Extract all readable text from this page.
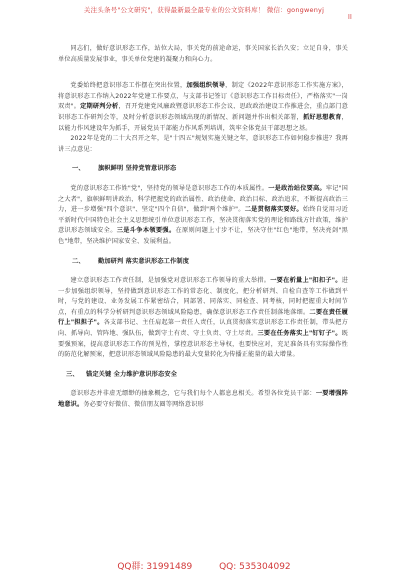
关注头条号"公文研究"，获得最新最全最专业的公文资料库！ 微信：gongwenyj
ll

同志们，做好意识形态工作，站位大局，事关党的前途命运，事关国家长治久安；立足自身，事关单位高质量发展事业，事关单位党建的凝聚力和向心力。

党委始终把意识形态工作摆在突出位置，加强组织领导，制定《2022年意识形态工作实施方案》，将意识形态工作纳入2022年党建工作要点，与支部书记签订《意识形态工作目标责任》，严格落实"一岗双责"。定期研判分析，召开党建党风廉政暨意识形态工作会议、思政政治建设工作推进会，重点部门意识形态工作研判会等，及时分析意识形态领域出现的新情况、新问题并作出相关部署，抓好思想教育，以能力作风建设年为抓手，开展党员干部能力作风系列培训，筑牢全体党员干部思想之基。

2022年是党的二十大召开之年，是"十四五"规划实施关键之年，意识形态工作如何稳步推进？我再讲三点意见：

一、 旗帜鲜明 坚持党管意识形态

党的意识形态工作姓"党"，坚持党的领导是意识形态工作的本质属性。一是政治站位要高。牢记"国之大者"，旗帜鲜明讲政治，科学把握党的政治属性、政治使命、政治目标、政治追求，不断提高政治三力，进一步增强"四个意识"、坚定"四个自信"，做到"两个维护"。二是贯彻落实要好。始终自觉用习近平新时代中国特色社会主义思想统引单位意识形态工作，坚决贯彻落实党的理论和路线方针政策，维护意识形态领域安全。三是斗争本领要强。在原则问题上寸步不让，坚决守住"红色"地带，坚决亮剑"黑色"地带，坚决维护国家安全、发展利益。

二、 勤加研判 落实意识形态工作制度

建立意识形态工作责任制，是加强党对意识形态工作领导的重大举措。一要在析量上"扣扣子"。进一步加强组织领导，坚持做到意识形态工作的常态化、制度化，把分析研判、自检自查等工作做到平时，与党的建设、业务发展工作紧密结合，同部署、同落实、同检查、同考核，同时把握重大时间节点，有重点的科学分析研判意识形态领域风险隐患，确保意识形态工作责任制落地落细。二要在责任履行上"担担子"。各支部书记、主任肩起第一责任人责任，认真贯彻落实意识形态工作责任制，带头把方向、抓导向、管阵地、强队伍，做到守土有责、守土负责、守土尽责。三要在任务落实上"钉钉子"。既要强预案，提高意识形态工作的预见性，掌控意识形态主导权，也要快应对，充足准备具有实际操作性的防范化解预案，把意识形态领域风险隐患的最大变量转化为传播正能量的最大增量。

三、 锚定关键 全力维护意识形态安全

意识形态并非虚无缥缈的抽象概念，它与我们每个人都息息相关。希望各位党员干部：一要增强阵地意识。务必要守好微信、微信朋友圈等网络意识形

QQ群: 31991489	QQ: 535304092
